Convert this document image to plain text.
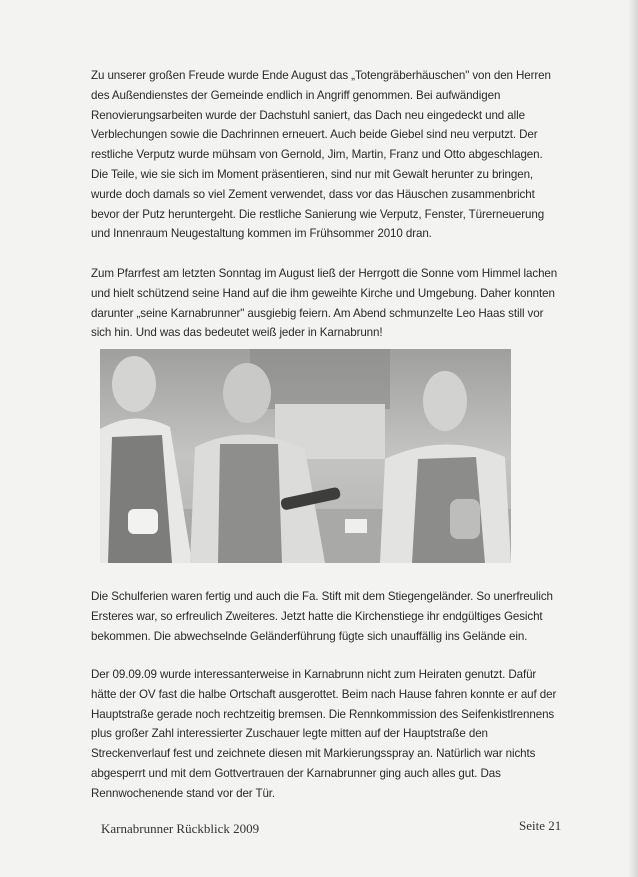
Zu unserer großen Freude wurde Ende August das „Totengräberhäuschen" von den Herren
des Außendienstes der Gemeinde endlich in Angriff genommen. Bei aufwändigen
Renovierungsarbeiten wurde der Dachstuhl saniert, das Dach neu eingedeckt und alle
Verblechungen sowie die Dachrinnen erneuert. Auch beide Giebel sind neu verputzt. Der
restliche Verputz wurde mühsam von Gernold, Jim, Martin, Franz und Otto abgeschlagen.
Die Teile, wie sie sich im Moment präsentieren, sind nur mit Gewalt herunter zu bringen,
wurde doch damals so viel Zement verwendet, dass vor das Häuschen zusammenbricht
bevor der Putz heruntergeht. Die restliche Sanierung wie Verputz, Fenster, Türerneuerung
und Innenraum Neugestaltung kommen im Frühsommer 2010 dran.

Zum Pfarrfest am letzten Sonntag im August ließ der Herrgott die Sonne vom Himmel lachen
und hielt schützend seine Hand auf die ihm geweihte Kirche und Umgebung. Daher konnten
darunter „seine Karnabrunner" ausgiebig feiern. Am Abend schmunzelte Leo Haas still vor
sich hin. Und was das bedeutet weiß jeder in Karnabrunn!

Die Schulferien waren fertig und auch die Fa. Stift mit dem Stiegengeländer. So unerfreulich
Ersteres war, so erfreulich Zweiteres. Jetzt hatte die Kirchenstiege ihr endgültiges Gesicht
bekommen. Die abwechselnde Geländerführung fügte sich unauffällig ins Gelände ein.

Der 09.09.09 wurde interessanterweise in Karnabrunn nicht zum Heiraten genutzt. Dafür
hätte der OV fast die halbe Ortschaft ausgerottet. Beim nach Hause fahren konnte er auf der
Hauptstraße gerade noch rechtzeitig bremsen. Die Rennkommission des Seifenkistlrennens
plus großer Zahl interessierter Zuschauer legte mitten auf der Hauptstraße den
Streckenverlauf fest und zeichnete diesen mit Markierungsspray an. Natürlich war nichts
abgesperrt und mit dem Gottvertrauen der Karnabrunner ging auch alles gut. Das
Rennwochenende stand vor der Tür.

Karnabrunner Rückblick 2009	Seite 21
